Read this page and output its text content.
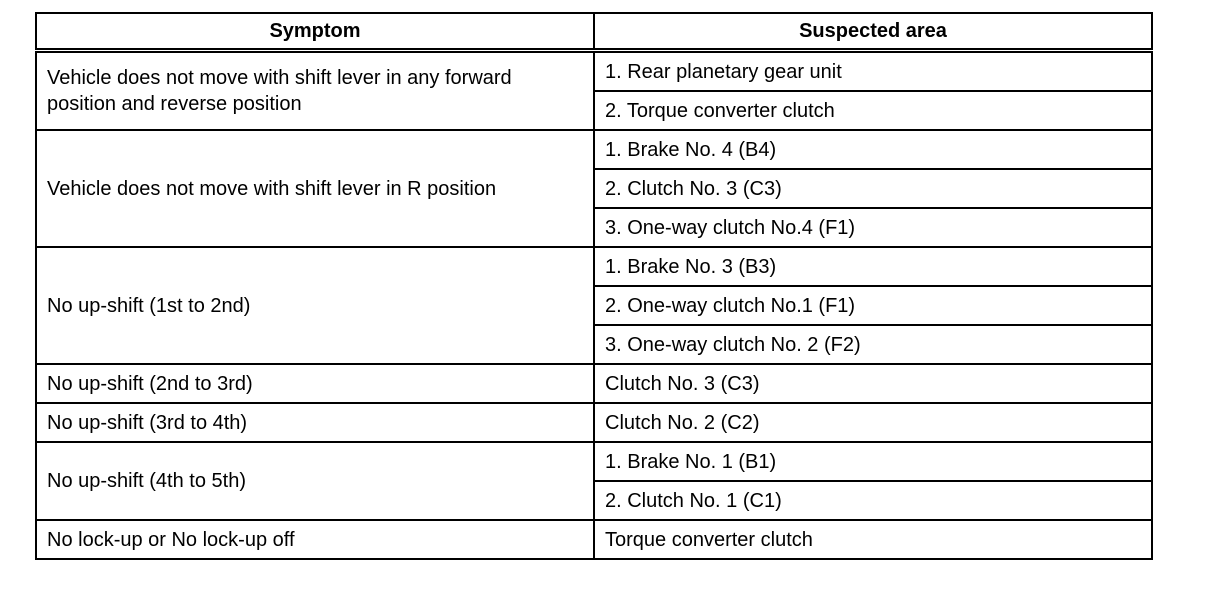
Symptom	Suspected area
Vehicle does not move with shift lever in any forward position and reverse position	1. Rear planetary gear unit
	2. Torque converter clutch
Vehicle does not move with shift lever in R position	1. Brake No. 4 (B4)
	2. Clutch No. 3 (C3)
	3. One-way clutch No.4 (F1)
No up-shift (1st to 2nd)	1. Brake No. 3 (B3)
	2. One-way clutch No.1 (F1)
	3. One-way clutch No. 2 (F2)
No up-shift (2nd to 3rd)	Clutch No. 3 (C3)
No up-shift (3rd to 4th)	Clutch No. 2 (C2)
No up-shift (4th to 5th)	1. Brake No. 1 (B1)
	2. Clutch No. 1 (C1)
No lock-up or No lock-up off	Torque converter clutch
